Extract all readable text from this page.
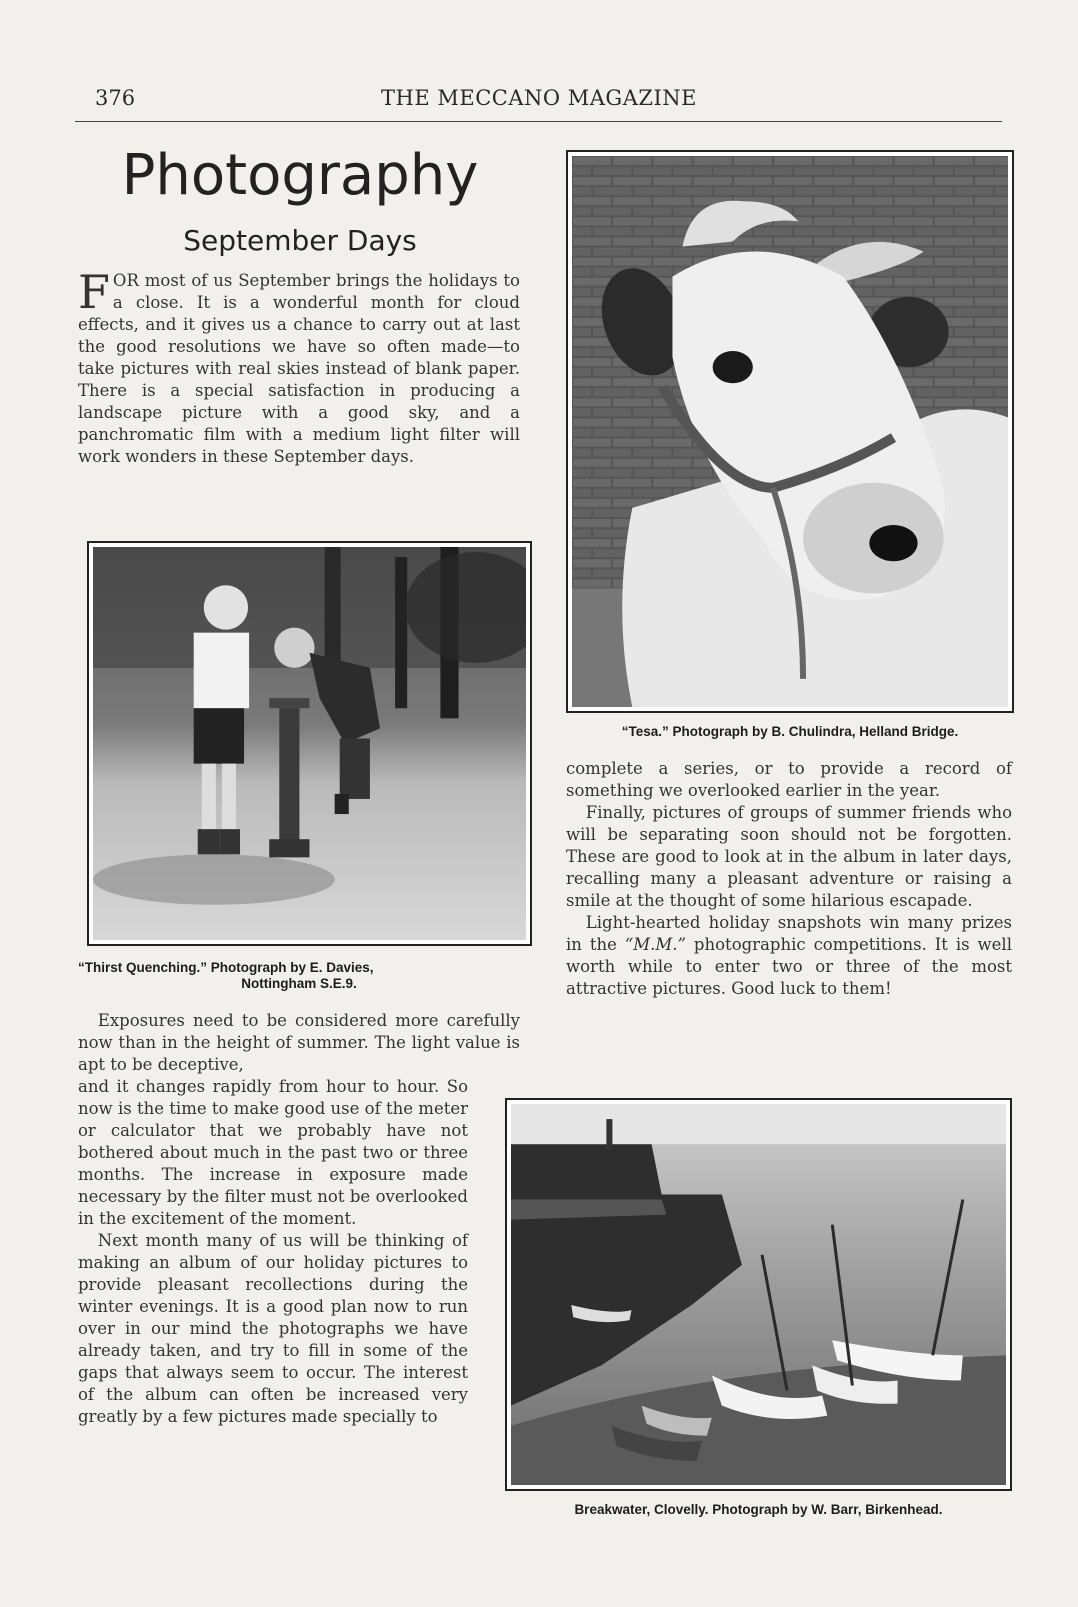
376	THE MECCANO MAGAZINE
Photography
September Days
FOR most of us September brings the holidays to a close. It is a wonderful month for cloud effects, and it gives us a chance to carry out at last the good resolutions we have so often made—to take pictures with real skies instead of blank paper. There is a special satisfaction in producing a landscape picture with a good sky, and a panchromatic film with a medium light filter will work wonders in these September days.
“Thirst Quenching.” Photograph by E. Davies,
Nottingham S.E.9.
Exposures need to be considered more carefully now than in the height of summer. The light value is apt to be deceptive,

and it changes rapidly from hour to hour. So now is the time to make good use of the meter or calculator that we probably have not bothered about much in the past two or three months. The increase in exposure made necessary by the filter must not be overlooked in the excitement of the moment.

Next month many of us will be thinking of making an album of our holiday pictures to provide pleasant recollections during the winter evenings. It is a good plan now to run over in our mind the photographs we have already taken, and try to fill in some of the gaps that always seem to occur. The interest of the album can often be increased very greatly by a few pictures made specially to

“Tesa.” Photograph by B. Chulindra, Helland Bridge.

complete a series, or to provide a record of something we overlooked earlier in the year.

Finally, pictures of groups of summer friends who will be separating soon should not be forgotten. These are good to look at in the album in later days, recalling many a pleasant adventure or raising a smile at the thought of some hilarious escapade.

Light-hearted holiday snapshots win many prizes in the “M.M.” photographic competitions. It is well worth while to enter two or three of the most attractive pictures. Good luck to them!

Breakwater, Clovelly. Photograph by W. Barr, Birkenhead.
